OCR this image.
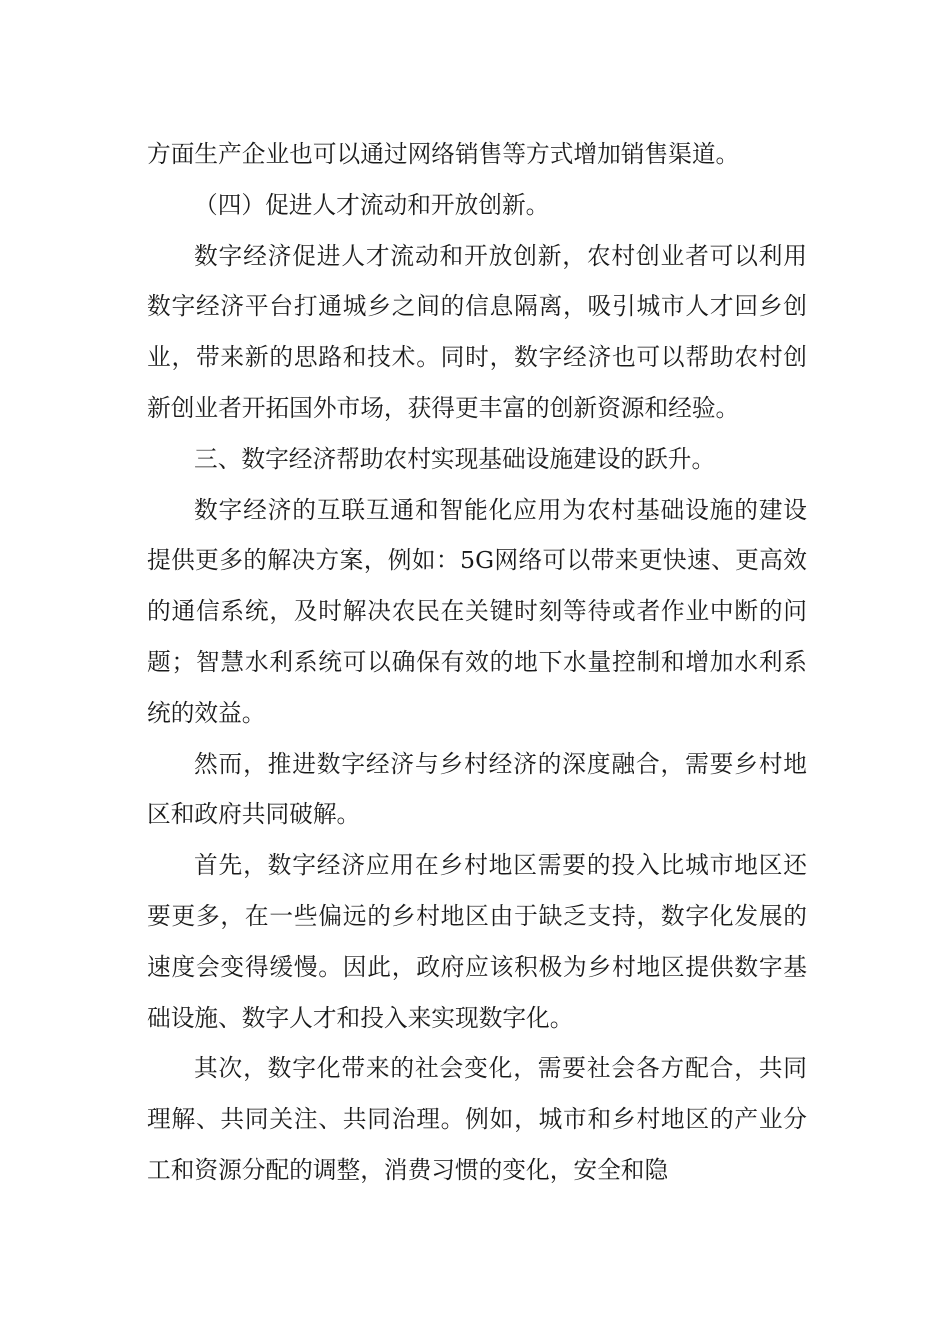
方面生产企业也可以通过网络销售等方式增加销售渠道。

（四）促进人才流动和开放创新。

数字经济促进人才流动和开放创新，农村创业者可以利用数字经济平台打通城乡之间的信息隔离，吸引城市人才回乡创业，带来新的思路和技术。同时，数字经济也可以帮助农村创新创业者开拓国外市场，获得更丰富的创新资源和经验。

三、数字经济帮助农村实现基础设施建设的跃升。

数字经济的互联互通和智能化应用为农村基础设施的建设提供更多的解决方案，例如：5G网络可以带来更快速、更高效的通信系统，及时解决农民在关键时刻等待或者作业中断的问题；智慧水利系统可以确保有效的地下水量控制和增加水利系统的效益。

然而，推进数字经济与乡村经济的深度融合，需要乡村地区和政府共同破解。

首先，数字经济应用在乡村地区需要的投入比城市地区还要更多，在一些偏远的乡村地区由于缺乏支持，数字化发展的速度会变得缓慢。因此，政府应该积极为乡村地区提供数字基础设施、数字人才和投入来实现数字化。

其次，数字化带来的社会变化，需要社会各方配合，共同理解、共同关注、共同治理。例如，城市和乡村地区的产业分工和资源分配的调整，消费习惯的变化，安全和隐
